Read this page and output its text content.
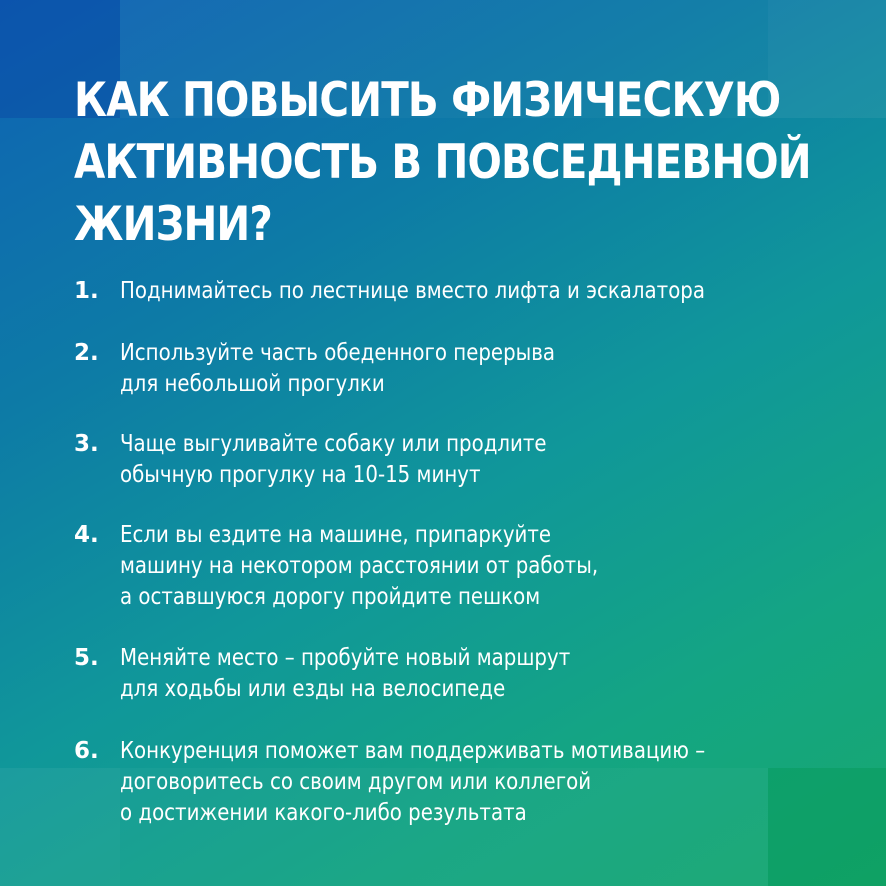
КАК ПОВЫСИТЬ ФИЗИЧЕСКУЮ
АКТИВНОСТЬ В ПОВСЕДНЕВНОЙ
ЖИЗНИ?
1. Поднимайтесь по лестнице вместо лифта и эскалатора
2. Используйте часть обеденного перерыва
для небольшой прогулки
3. Чаще выгуливайте собаку или продлите
обычную прогулку на 10-15 минут
4. Если вы ездите на машине, припаркуйте
машину на некотором расстоянии от работы,
а оставшуюся дорогу пройдите пешком
5. Меняйте место – пробуйте новый маршрут
для ходьбы или езды на велосипеде
6. Конкуренция поможет вам поддерживать мотивацию –
договоритесь со своим другом или коллегой
о достижении какого-либо результата
